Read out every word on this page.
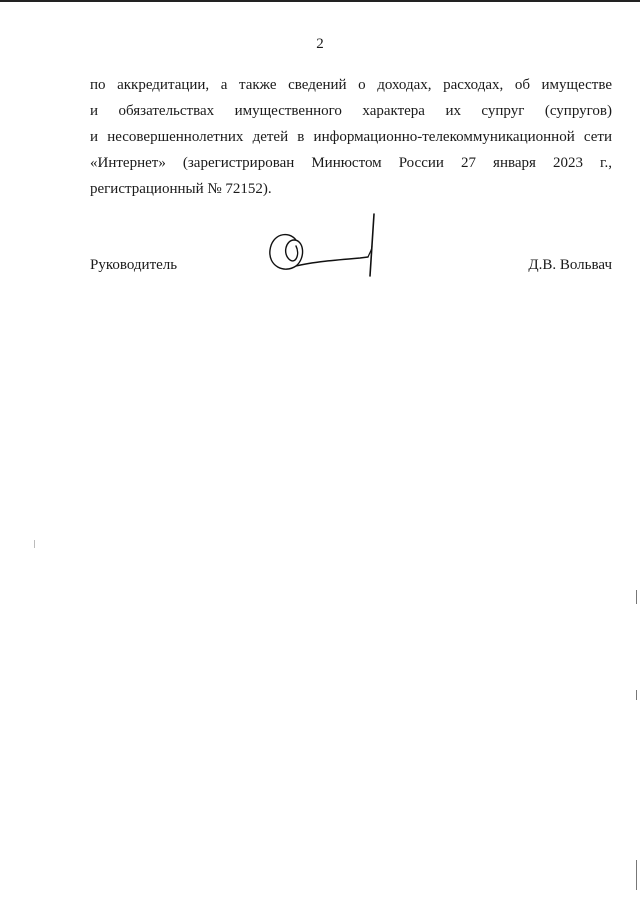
2
по аккредитации, а также сведений о доходах, расходах, об имуществе
и обязательствах имущественного характера их супруг (супругов)
и несовершеннолетних детей в информационно-телекоммуникационной сети
«Интернет» (зарегистрирован Минюстом России 27 января 2023 г.,
регистрационный № 72152).
Руководитель	Д.В. Вольвач
